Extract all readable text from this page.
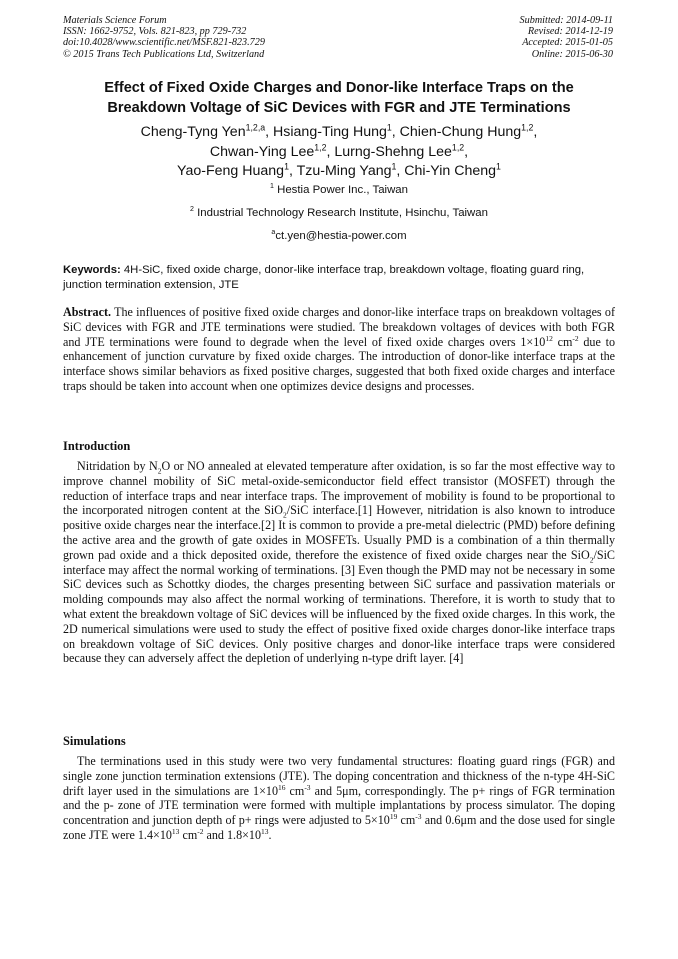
Materials Science Forum
ISSN: 1662-9752, Vols. 821-823, pp 729-732
doi:10.4028/www.scientific.net/MSF.821-823.729
© 2015 Trans Tech Publications Ltd, Switzerland
Submitted: 2014-09-11
Revised: 2014-12-19
Accepted: 2015-01-05
Online: 2015-06-30
Effect of Fixed Oxide Charges and Donor-like Interface Traps on the
Breakdown Voltage of SiC Devices with FGR and JTE Terminations
Cheng-Tyng Yen$^{1,2,a}$, Hsiang-Ting Hung$^1$, Chien-Chung Hung$^{1,2}$,
Chwan-Ying Lee$^{1,2}$, Lurng-Shehng Lee$^{1,2}$,
Yao-Feng Huang$^1$, Tzu-Ming Yang$^1$, Chi-Yin Cheng$^1$
$^1$ Hestia Power Inc., Taiwan
$^2$ Industrial Technology Research Institute, Hsinchu, Taiwan
$^a$ct.yen@hestia-power.com
Keywords: 4H-SiC, fixed oxide charge, donor-like interface trap, breakdown voltage, floating guard ring, junction termination extension, JTE
Abstract. The influences of positive fixed oxide charges and donor-like interface traps on breakdown voltages of SiC devices with FGR and JTE terminations were studied. The breakdown voltages of devices with both FGR and JTE terminations were found to degrade when the level of fixed oxide charges overs $1\times 10^{12}$ $cm^{-2}$ due to enhancement of junction curvature by fixed oxide charges. The introduction of donor-like interface traps at the interface shows similar behaviors as fixed positive charges, suggested that both fixed oxide charges and interface traps should be taken into account when one optimizes device designs and processes.
Introduction
Nitridation by $N_2O$ or NO annealed at elevated temperature after oxidation, is so far the most effective way to improve channel mobility of SiC metal-oxide-semiconductor field effect transistor (MOSFET) through the reduction of interface traps and near interface traps. The improvement of mobility is found to be proportional to the incorporated nitrogen content at the SiO$_2$/SiC interface.[1] However, nitridation is also known to introduce positive oxide charges near the interface.[2] It is common to provide a pre-metal dielectric (PMD) before defining the active area and the growth of gate oxides in MOSFETs. Usually PMD is a combination of a thin thermally grown pad oxide and a thick deposited oxide, therefore the existence of fixed oxide charges near the SiO$_2$/SiC interface may affect the normal working of terminations. [3] Even though the PMD may not be necessary in some SiC devices such as Schottky diodes, the charges presenting between SiC surface and passivation materials or molding compounds may also affect the normal working of terminations. Therefore, it is worth to study that to what extent the breakdown voltage of SiC devices will be influenced by the fixed oxide charges. In this work, the 2D numerical simulations were used to study the effect of positive fixed oxide charges donor-like interface traps on breakdown voltage of SiC devices. Only positive charges and donor-like interface traps were considered because they can adversely affect the depletion of underlying n-type drift layer. [4]
Simulations
The terminations used in this study were two very fundamental structures: floating guard rings (FGR) and single zone junction termination extensions (JTE). The doping concentration and thickness of the n-type 4H-SiC drift layer used in the simulations are $1\times 10^{16}$ $cm^{-3}$ and 5μm, correspondingly. The p+ rings of FGR termination and the p- zone of JTE termination were formed with multiple implantations by process simulator. The doping concentration and junction depth of p+ rings were adjusted to $5\times 10^{19}$ $cm^{-3}$ and 0.6μm and the dose used for single zone JTE were $1.4\times 10^{13}$ $cm^{-2}$ and $1.8\times 10^{13}$.
